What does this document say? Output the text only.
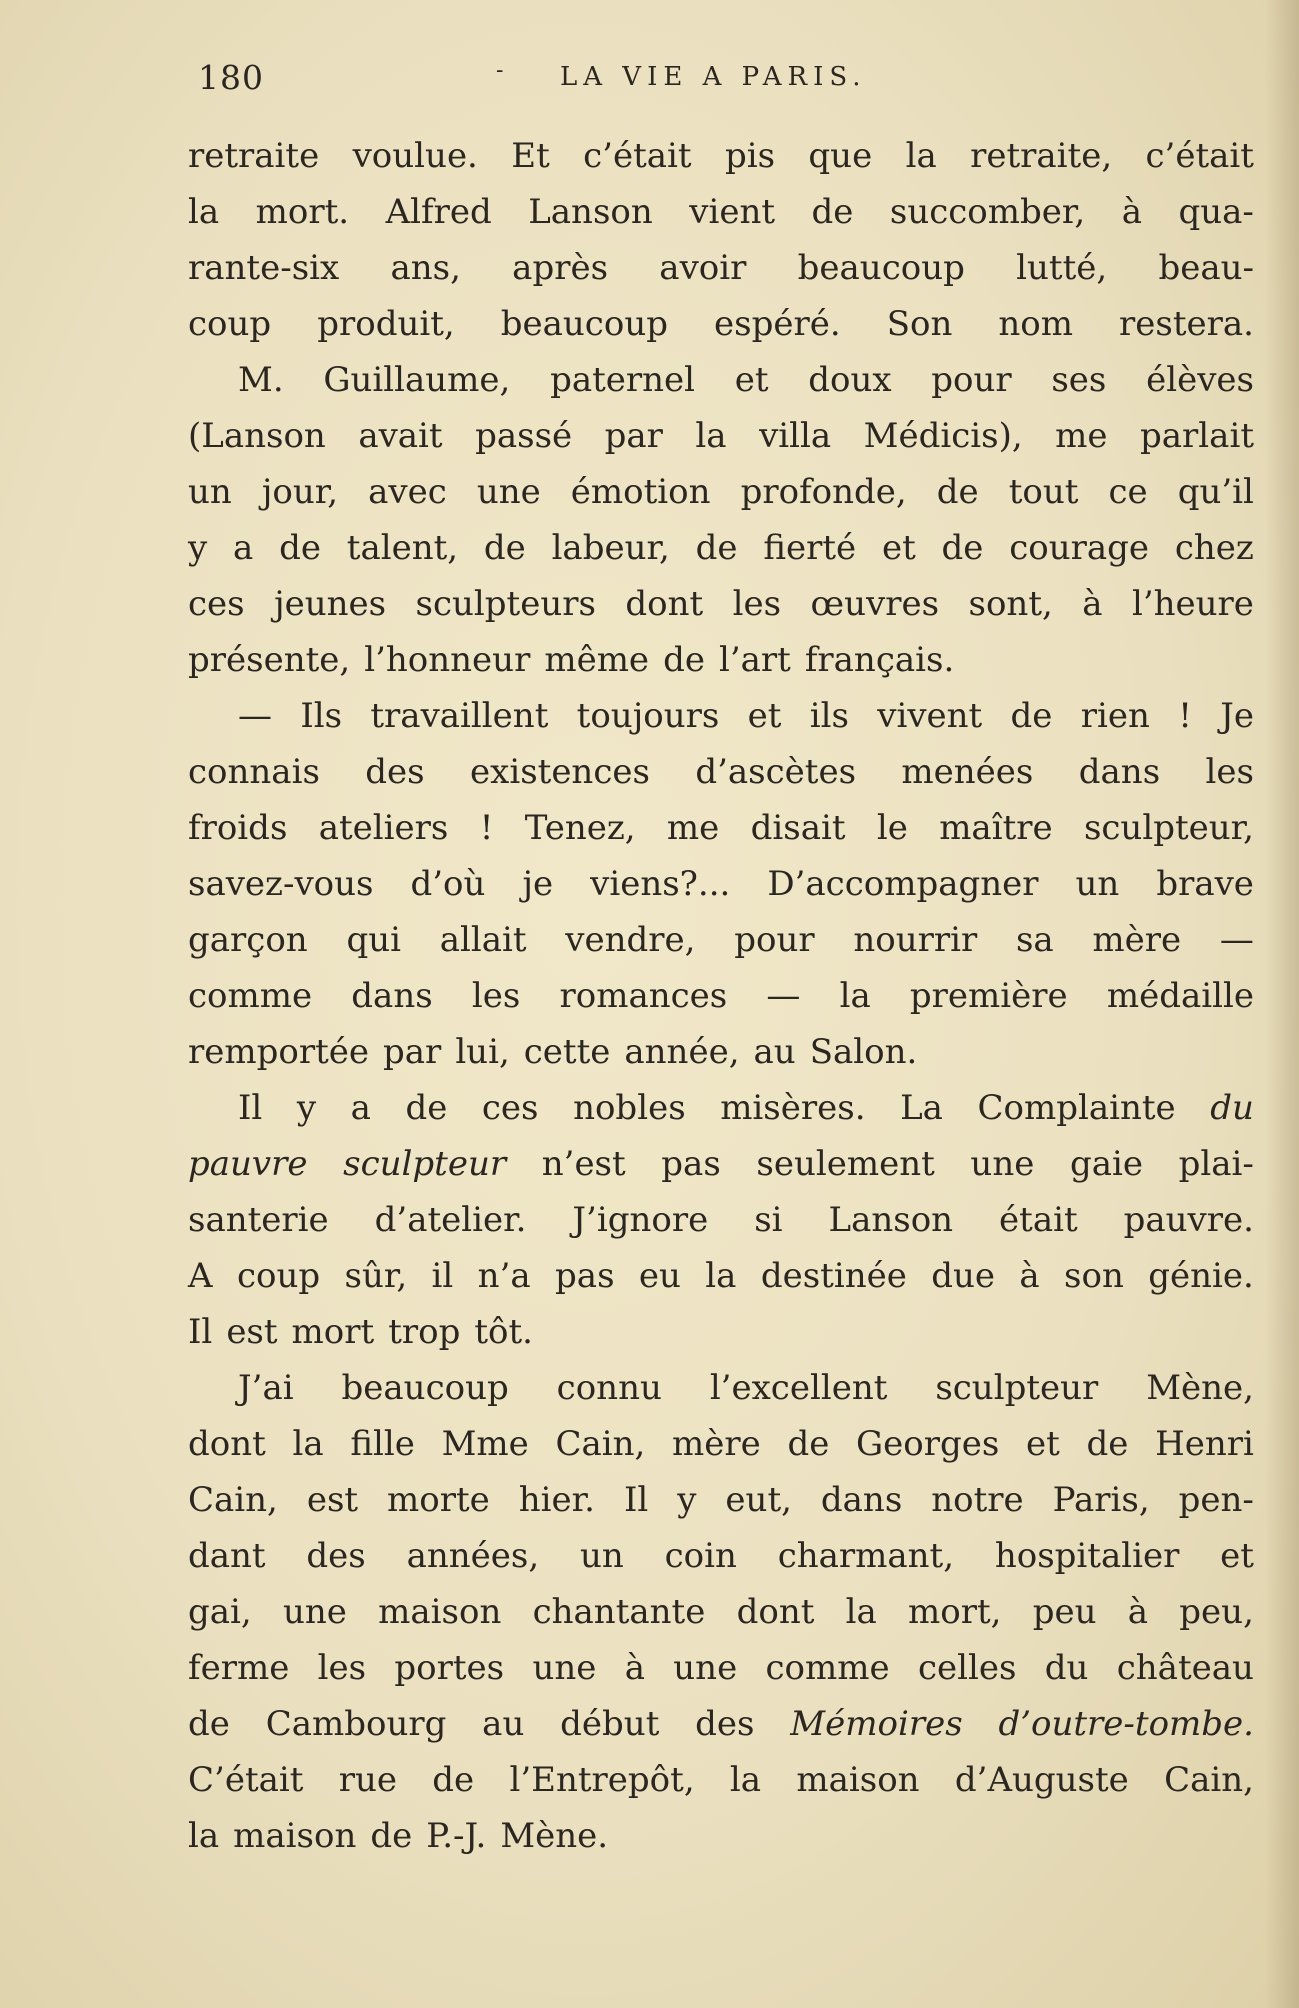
180	- LA VIE A PARIS.
retraite voulue. Et c’était pis que la retraite, c’était
la mort. Alfred Lanson vient de succomber, à qua-
rante-six ans, après avoir beaucoup lutté, beau-
coup produit, beaucoup espéré. Son nom restera.
M. Guillaume, paternel et doux pour ses élèves
(Lanson avait passé par la villa Médicis), me parlait
un jour, avec une émotion profonde, de tout ce qu’il
y a de talent, de labeur, de fierté et de courage chez
ces jeunes sculpteurs dont les œuvres sont, à l’heure
présente, l’honneur même de l’art français.
— Ils travaillent toujours et ils vivent de rien ! Je
connais des existences d’ascètes menées dans les
froids ateliers ! Tenez, me disait le maître sculpteur,
savez-vous d’où je viens?... D’accompagner un brave
garçon qui allait vendre, pour nourrir sa mère —
comme dans les romances — la première médaille
remportée par lui, cette année, au Salon.
Il y a de ces nobles misères. La Complainte du
pauvre sculpteur n’est pas seulement une gaie plai-
santerie d’atelier. J’ignore si Lanson était pauvre.
A coup sûr, il n’a pas eu la destinée due à son génie.
Il est mort trop tôt.
J’ai beaucoup connu l’excellent sculpteur Mène,
dont la fille Mme Cain, mère de Georges et de Henri
Cain, est morte hier. Il y eut, dans notre Paris, pen-
dant des années, un coin charmant, hospitalier et
gai, une maison chantante dont la mort, peu à peu,
ferme les portes une à une comme celles du château
de Cambourg au début des Mémoires d’outre-tombe.
C’était rue de l’Entrepôt, la maison d’Auguste Cain,
la maison de P.-J. Mène.
